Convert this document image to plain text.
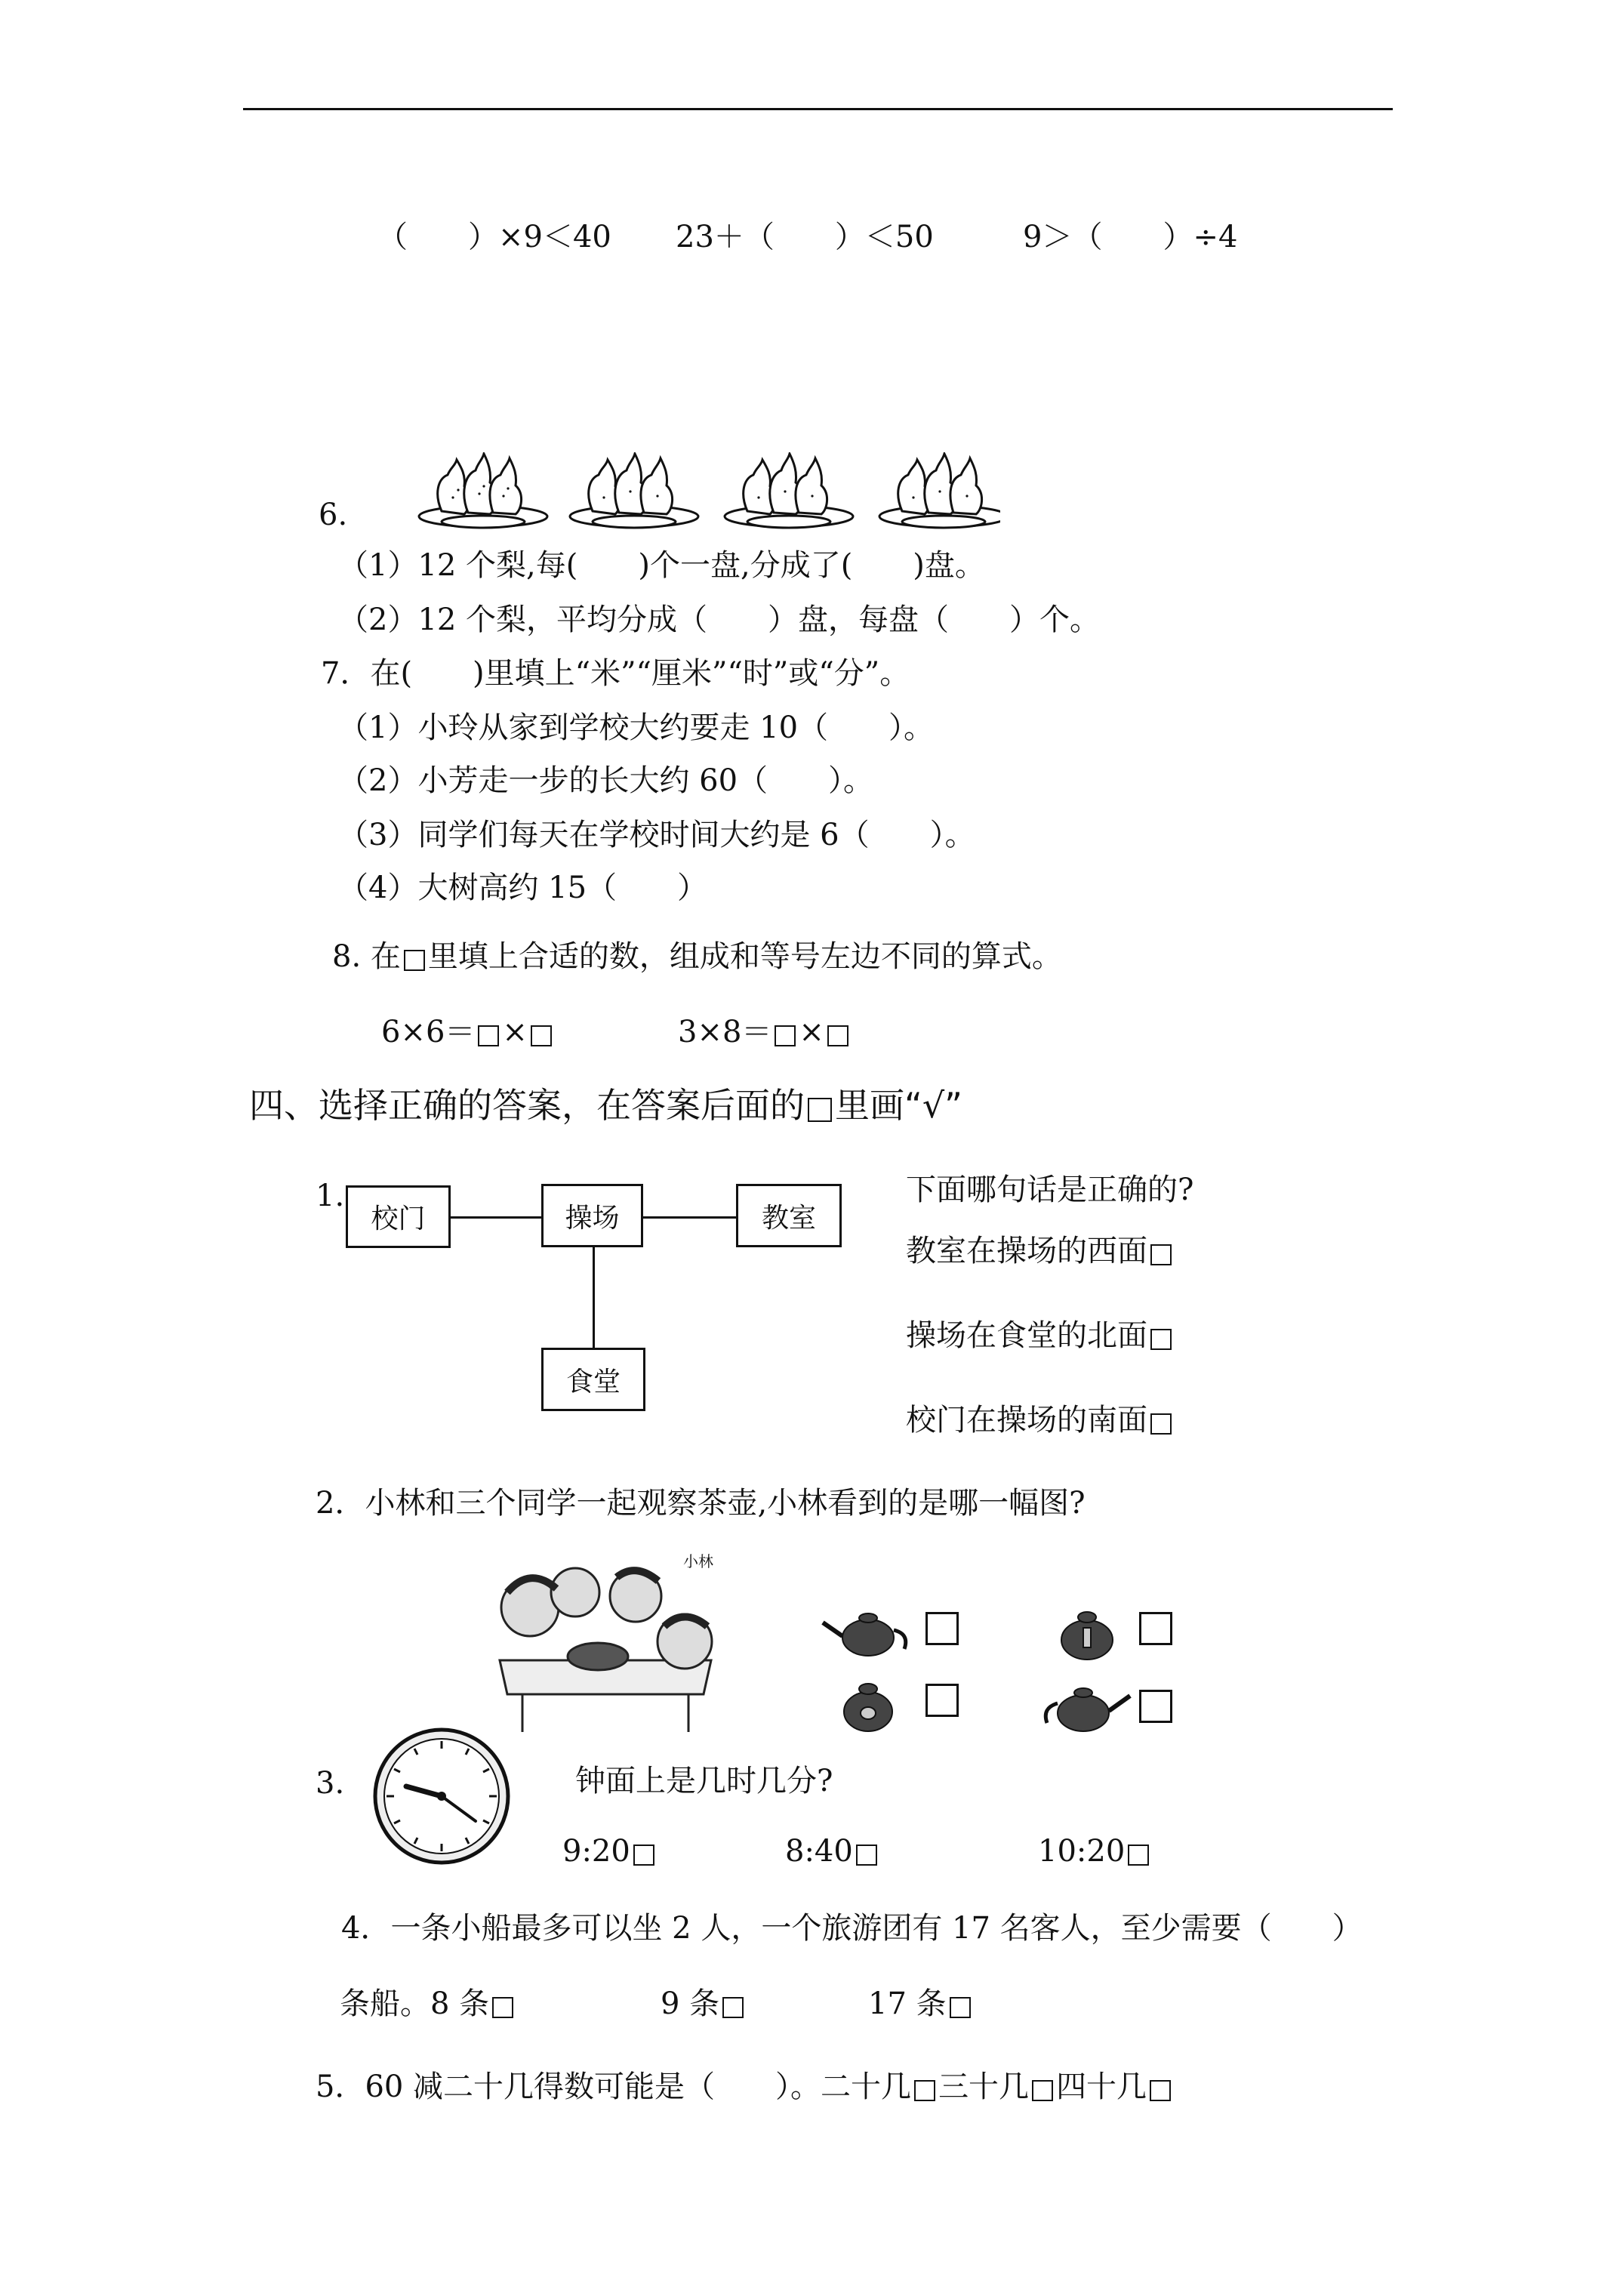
（　　）×9＜40 23＋（　　）＜50	9＞（　　）÷4

6.
（1）12 个梨,每(　　)个一盘,分成了(　　)盘。
（2）12 个梨，平均分成（　　）盘，每盘（　　）个。
7．在(　　)里填上“米”“厘米”“时”或“分”。
（1）小玲从家到学校大约要走 10（　　）。
（2）小芳走一步的长大约 60（　　）。
（3）同学们每天在学校时间大约是 6（　　）。
（4）大树高约 15（　　）
8. 在 里填上合适的数，组成和等号左边不同的算式。
6×6＝ ×	3×8＝ ×
四、选择正确的答案，在答案后面的 里画“√”
1.
校门	操场	教室
食堂
下面哪句话是正确的?
教室在操场的西面
操场在食堂的北面
校门在操场的南面
2．小林和三个同学一起观察茶壶,小林看到的是哪一幅图?

小林

3.

	钟面上是几时几分?
9:20	8:40	10:20
4．一条小船最多可以坐 2 人，一个旅游团有 17 名客人，至少需要（　　）
条船。8 条	9 条	17 条
5．60 减二十几得数可能是（　　）。二十几 三十几 四十几
